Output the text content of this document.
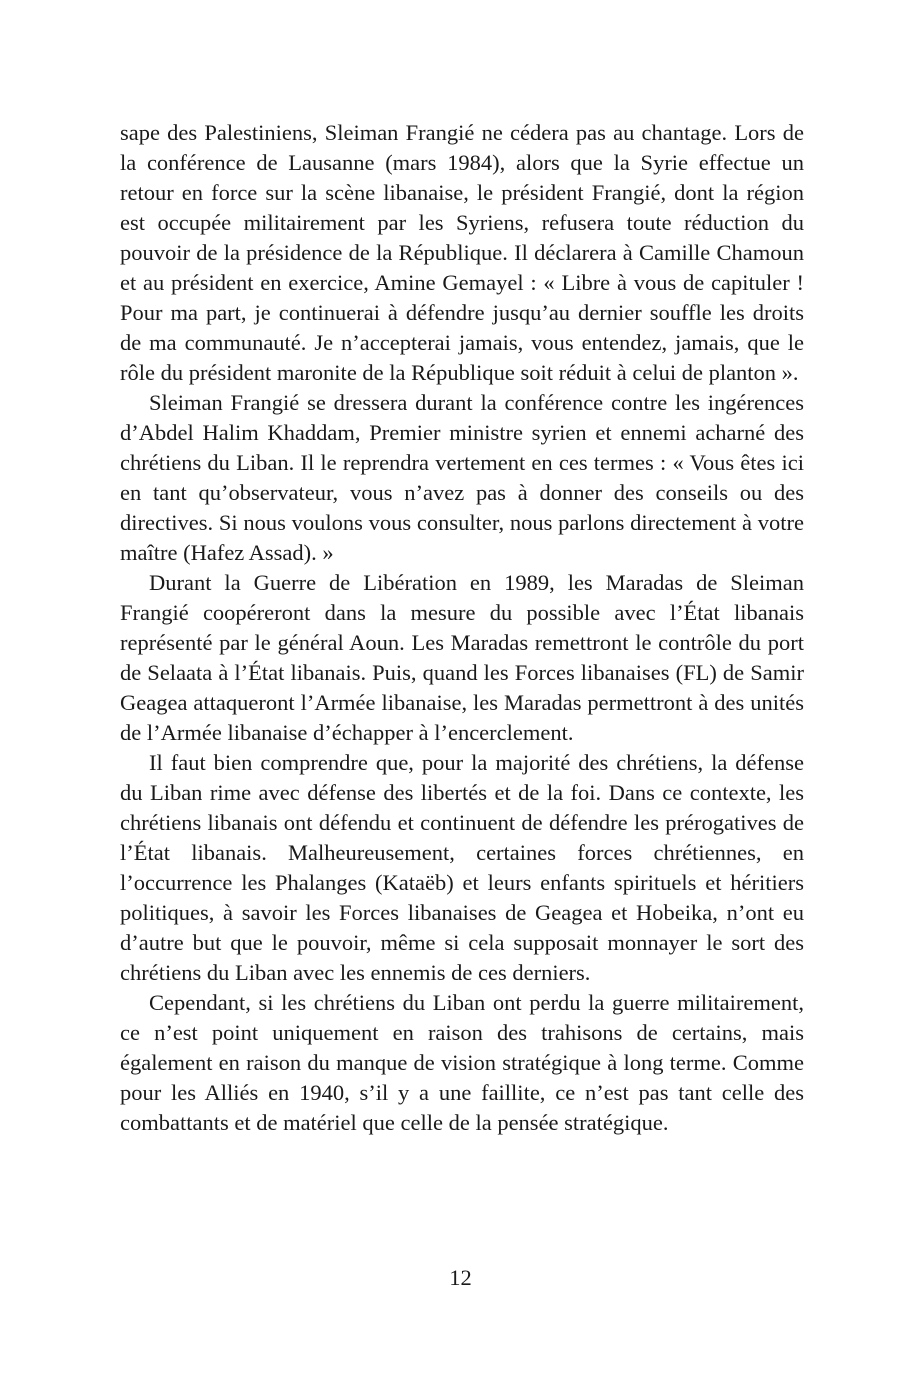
sape des Palestiniens, Sleiman Frangié ne cédera pas au chantage. Lors de la conférence de Lausanne (mars 1984), alors que la Syrie effectue un retour en force sur la scène libanaise, le président Frangié, dont la région est occupée militairement par les Syriens, refusera toute réduction du pouvoir de la présidence de la République. Il déclarera à Camille Chamoun et au président en exercice, Amine Gemayel : « Libre à vous de capituler ! Pour ma part, je continuerai à défendre jusqu’au dernier souffle les droits de ma communauté. Je n’accepterai jamais, vous entendez, jamais, que le rôle du président maronite de la République soit réduit à celui de planton ».

Sleiman Frangié se dressera durant la conférence contre les ingérences d’Abdel Halim Khaddam, Premier ministre syrien et ennemi acharné des chrétiens du Liban. Il le reprendra vertement en ces termes : « Vous êtes ici en tant qu’observateur, vous n’avez pas à donner des conseils ou des directives. Si nous voulons vous consulter, nous parlons directement à votre maître (Hafez Assad). »

Durant la Guerre de Libération en 1989, les Maradas de Sleiman Frangié coopéreront dans la mesure du possible avec l’État libanais représenté par le général Aoun. Les Maradas remettront le contrôle du port de Selaata à l’État libanais. Puis, quand les Forces libanaises (FL) de Samir Geagea attaqueront l’Armée libanaise, les Maradas permettront à des unités de l’Armée libanaise d’échapper à l’encerclement.

Il faut bien comprendre que, pour la majorité des chrétiens, la défense du Liban rime avec défense des libertés et de la foi. Dans ce contexte, les chrétiens libanais ont défendu et continuent de défendre les prérogatives de l’État libanais. Malheureusement, certaines forces chrétiennes, en l’occurrence les Phalanges (Kataëb) et leurs enfants spirituels et héritiers politiques, à savoir les Forces libanaises de Geagea et Hobeika, n’ont eu d’autre but que le pouvoir, même si cela supposait monnayer le sort des chrétiens du Liban avec les ennemis de ces derniers.

Cependant, si les chrétiens du Liban ont perdu la guerre militairement, ce n’est point uniquement en raison des trahisons de certains, mais également en raison du manque de vision stratégique à long terme. Comme pour les Alliés en 1940, s’il y a une faillite, ce n’est pas tant celle des combattants et de matériel que celle de la pensée stratégique.

12
